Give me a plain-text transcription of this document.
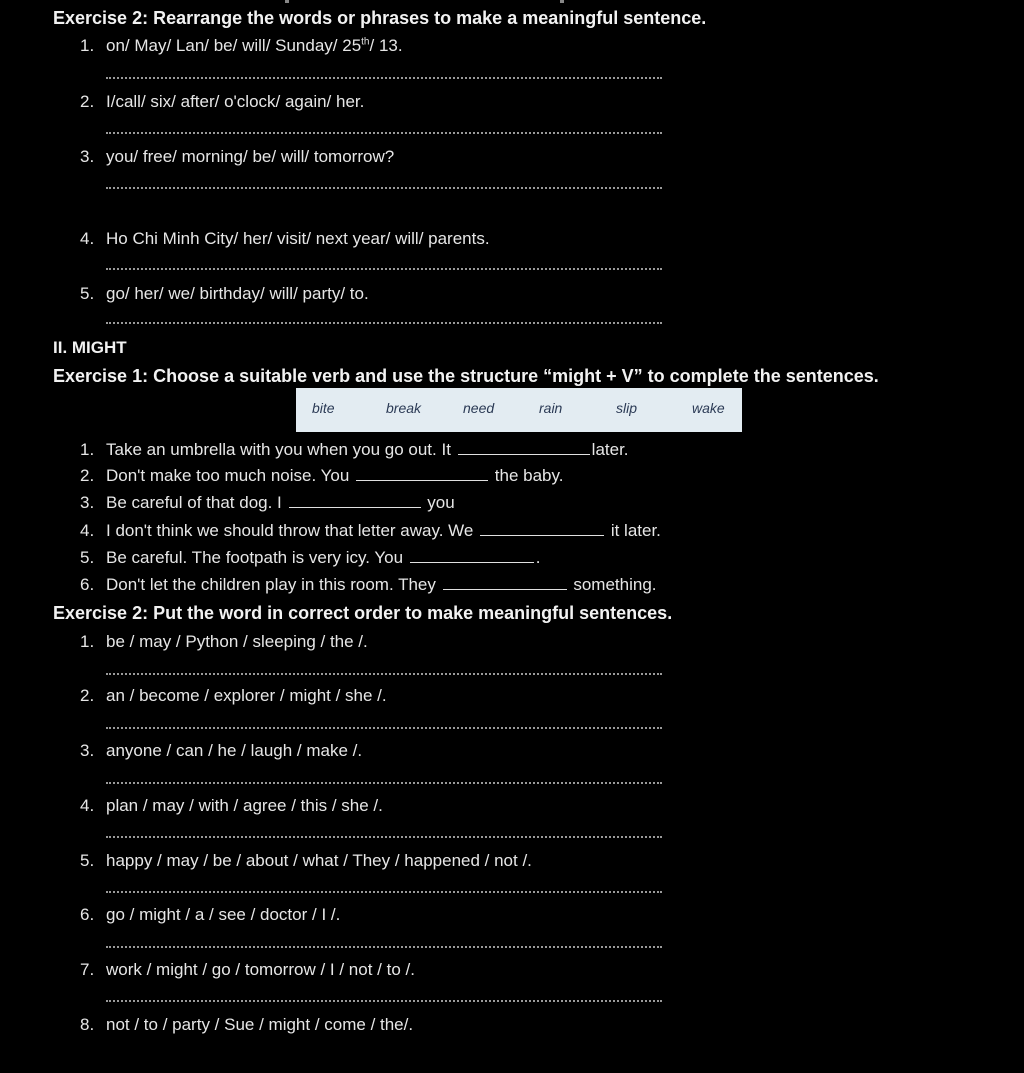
Exercise 2: Rearrange the words or phrases to make a meaningful sentence.
1. on/ May/ Lan/ be/ will/ Sunday/ 25th/ 13.
2. I/call/ six/ after/ o'clock/ again/ her.
3. you/ free/ morning/ be/ will/ tomorrow?
4. Ho Chi Minh City/ her/ visit/ next year/ will/ parents.
5. go/ her/ we/ birthday/ will/ party/ to.
II. MIGHT
Exercise 1: Choose a suitable verb and use the structure “might + V” to complete the sentences.
bite	break	need	rain	slip	wake
1. Take an umbrella with you when you go out. It	later.
2. Don't make too much noise. You	the baby.
3. Be careful of that dog. I	you
4. I don't think we should throw that letter away. We	it later.
5. Be careful. The footpath is very icy. You	.
6. Don't let the children play in this room. They	something.
Exercise 2: Put the word in correct order to make meaningful sentences.
1. be / may / Python / sleeping / the /.
2. an / become / explorer / might / she /.
3. anyone / can / he / laugh / make /.
4. plan / may / with / agree / this / she /.
5. happy / may / be / about / what / They / happened / not /.
6. go / might / a / see / doctor / I /.
7. work / might / go / tomorrow / I / not / to /.
8. not / to / party / Sue / might / come / the/.
